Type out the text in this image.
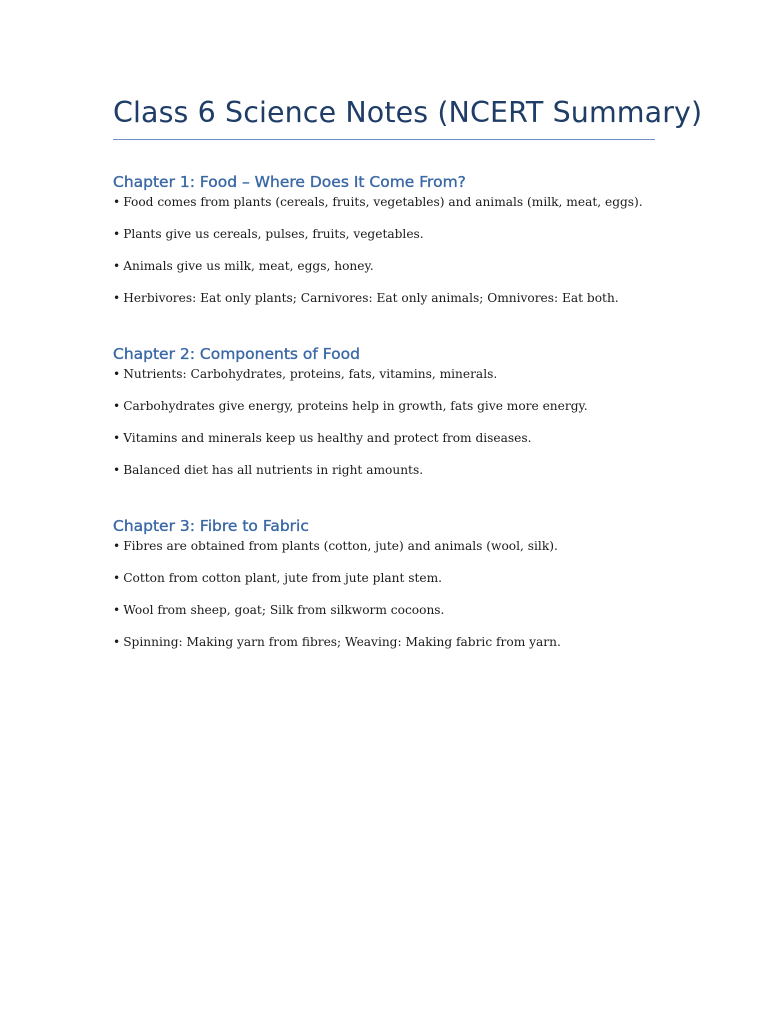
Class 6 Science Notes (NCERT Summary)
Chapter 1: Food – Where Does It Come From?
• Food comes from plants (cereals, fruits, vegetables) and animals (milk, meat, eggs).
• Plants give us cereals, pulses, fruits, vegetables.
• Animals give us milk, meat, eggs, honey.
• Herbivores: Eat only plants; Carnivores: Eat only animals; Omnivores: Eat both.
Chapter 2: Components of Food
• Nutrients: Carbohydrates, proteins, fats, vitamins, minerals.
• Carbohydrates give energy, proteins help in growth, fats give more energy.
• Vitamins and minerals keep us healthy and protect from diseases.
• Balanced diet has all nutrients in right amounts.
Chapter 3: Fibre to Fabric
• Fibres are obtained from plants (cotton, jute) and animals (wool, silk).
• Cotton from cotton plant, jute from jute plant stem.
• Wool from sheep, goat; Silk from silkworm cocoons.
• Spinning: Making yarn from fibres; Weaving: Making fabric from yarn.
